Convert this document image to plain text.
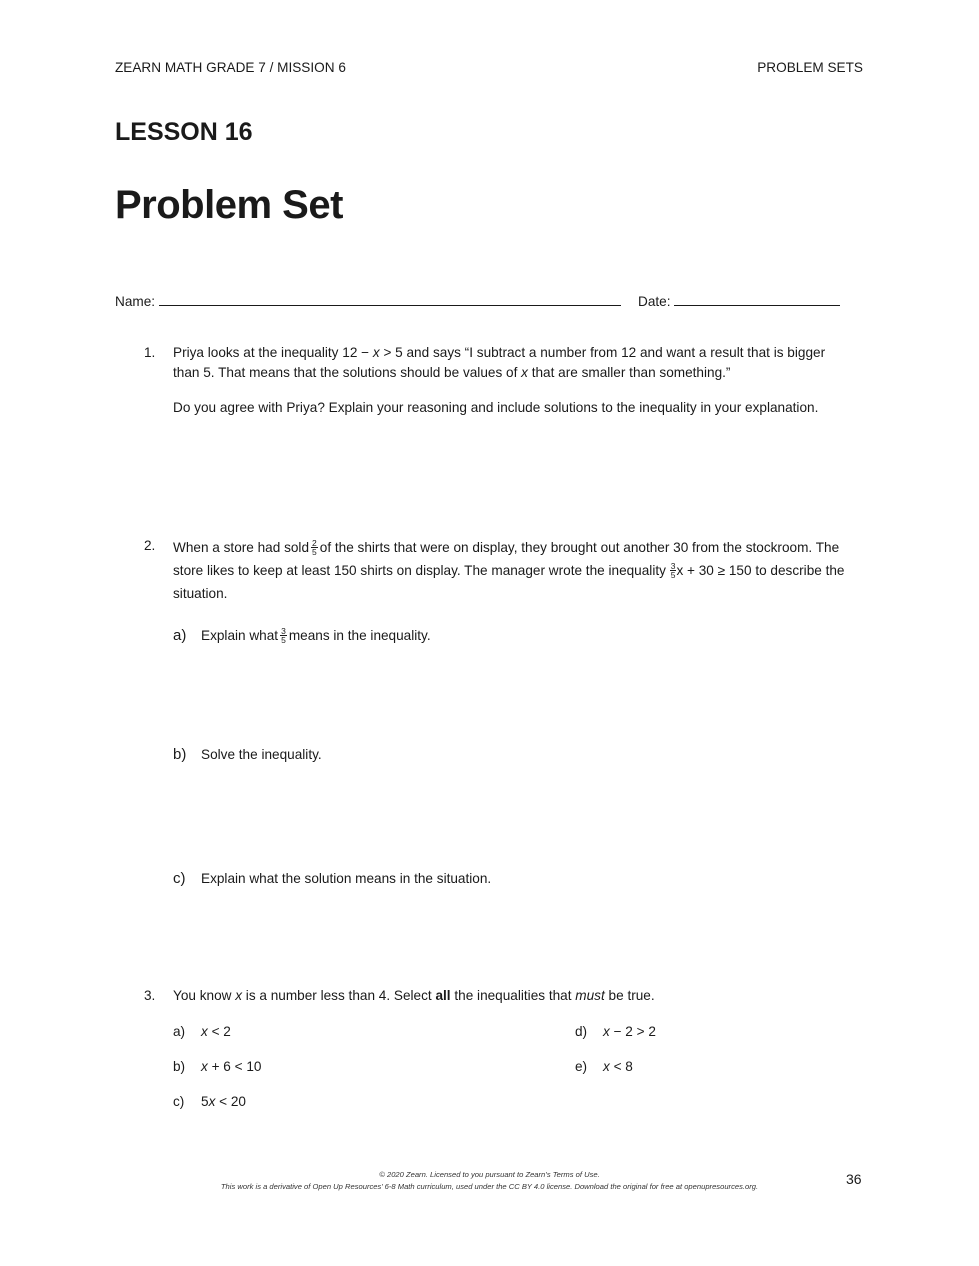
ZEARN MATH GRADE 7 / MISSION 6	PROBLEM SETS
LESSON 16
Problem Set
Name:	Date:
1. Priya looks at the inequality 12 − x > 5 and says “I subtract a number from 12 and want a result that is bigger than 5. That means that the solutions should be values of x that are smaller than something.”
Do you agree with Priya? Explain your reasoning and include solutions to the inequality in your explanation.
2. When a store had sold $\frac{2}{5}$ of the shirts that were on display, they brought out another 30 from the stockroom. The store likes to keep at least 150 shirts on display. The manager wrote the inequality $\frac{3}{5}$ x + 30 ≥ 150 to describe the situation.
a) Explain what $\frac{3}{5}$ means in the inequality.
b) Solve the inequality.
c) Explain what the solution means in the situation.
3. You know x is a number less than 4. Select all the inequalities that must be true.
a) x < 2
b) x + 6 < 10
c) 5x < 20
d) x − 2 > 2
e) x < 8
© 2020 Zearn. Licensed to you pursuant to Zearn’s Terms of Use.
This work is a derivative of Open Up Resources’ 6-8 Math curriculum, used under the CC BY 4.0 license. Download the original for free at openupresources.org.	36
